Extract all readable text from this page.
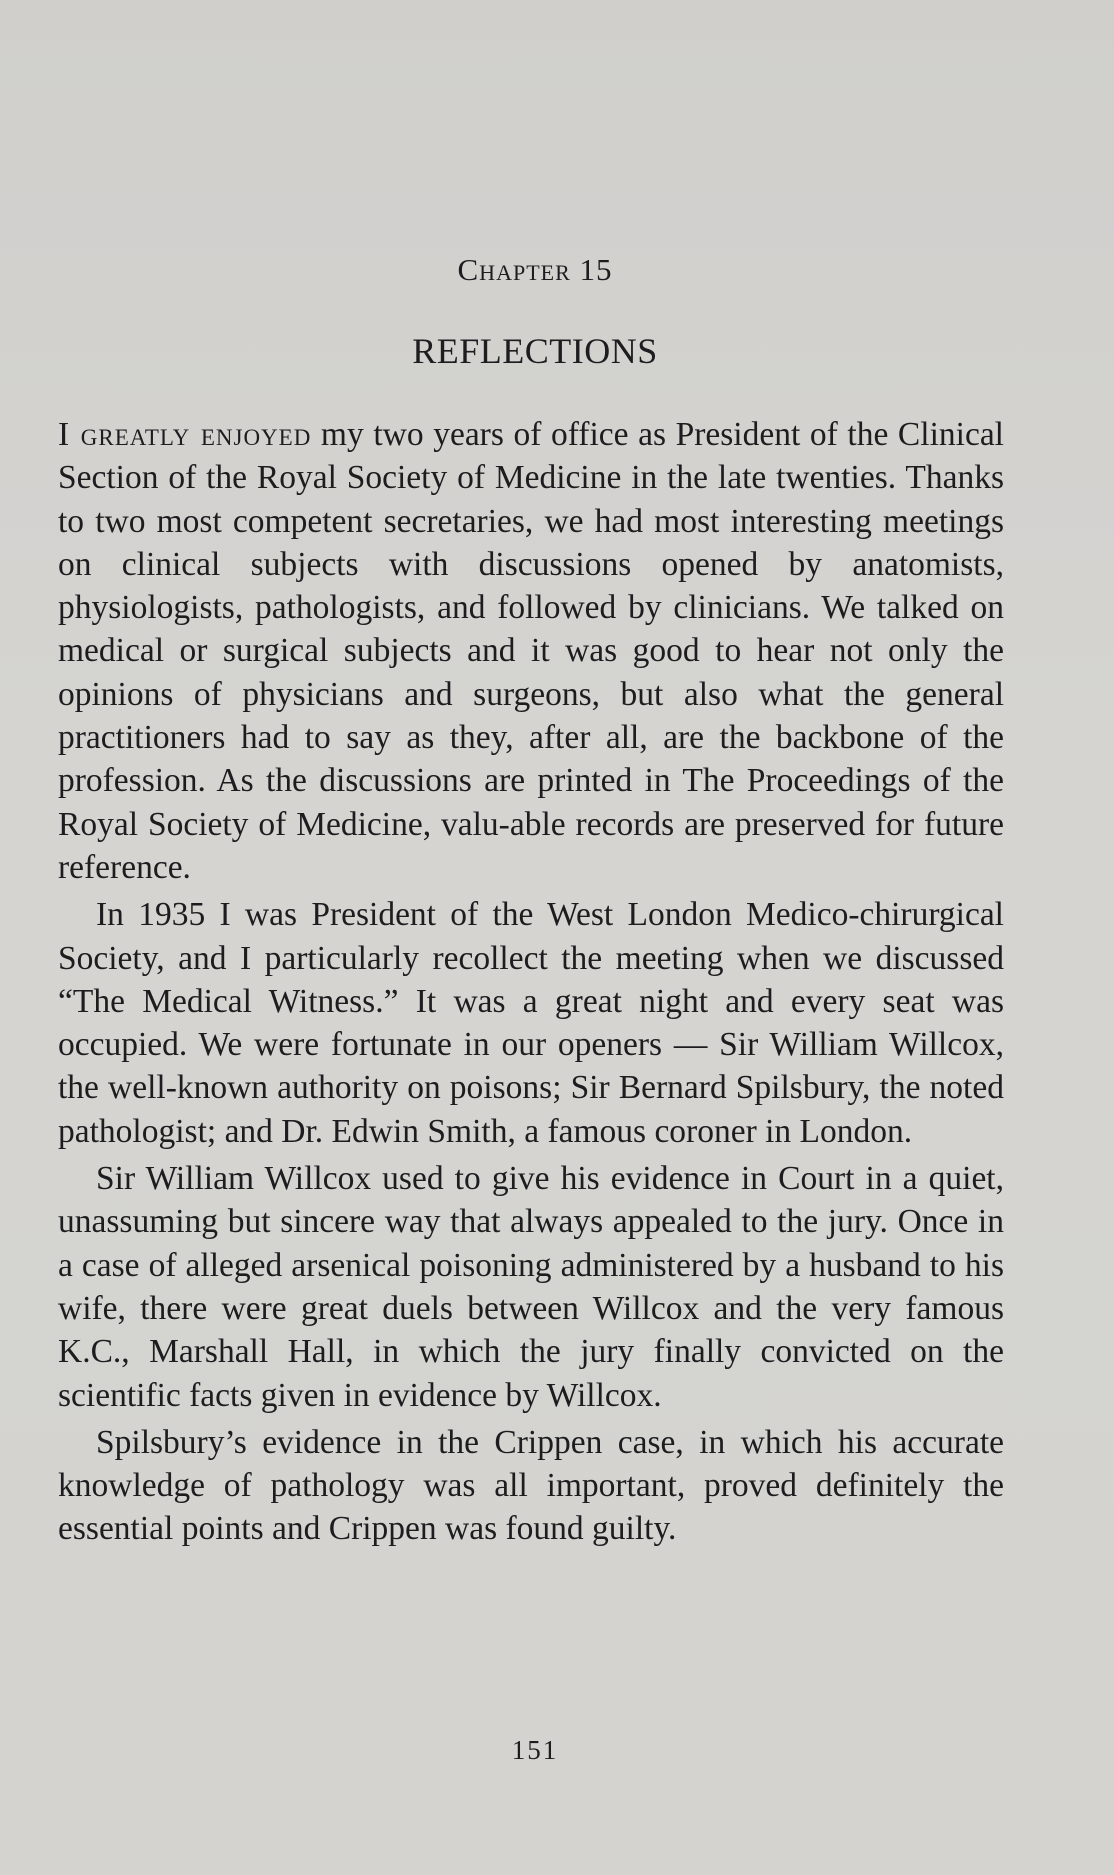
Chapter 15
REFLECTIONS

I greatly enjoyed my two years of office as President of the Clinical Section of the Royal Society of Medicine in the late twenties. Thanks to two most competent secretaries, we had most interesting meetings on clinical subjects with discussions opened by anatomists, physiologists, pathologists, and followed by clinicians. We talked on medical or surgical subjects and it was good to hear not only the opinions of physicians and surgeons, but also what the general practitioners had to say as they, after all, are the backbone of the profession. As the discussions are printed in The Proceedings of the Royal Society of Medicine, valu-able records are preserved for future reference.

In 1935 I was President of the West London Medico-chirurgical Society, and I particularly recollect the meeting when we discussed “The Medical Witness.” It was a great night and every seat was occupied. We were fortunate in our openers — Sir William Willcox, the well-known authority on poisons; Sir Bernard Spilsbury, the noted pathologist; and Dr. Edwin Smith, a famous coroner in London.

Sir William Willcox used to give his evidence in Court in a quiet, unassuming but sincere way that always appealed to the jury. Once in a case of alleged arsenical poisoning administered by a husband to his wife, there were great duels between Willcox and the very famous K.C., Marshall Hall, in which the jury finally convicted on the scientific facts given in evidence by Willcox.

Spilsbury’s evidence in the Crippen case, in which his accurate knowledge of pathology was all important, proved definitely the essential points and Crippen was found guilty.

151
